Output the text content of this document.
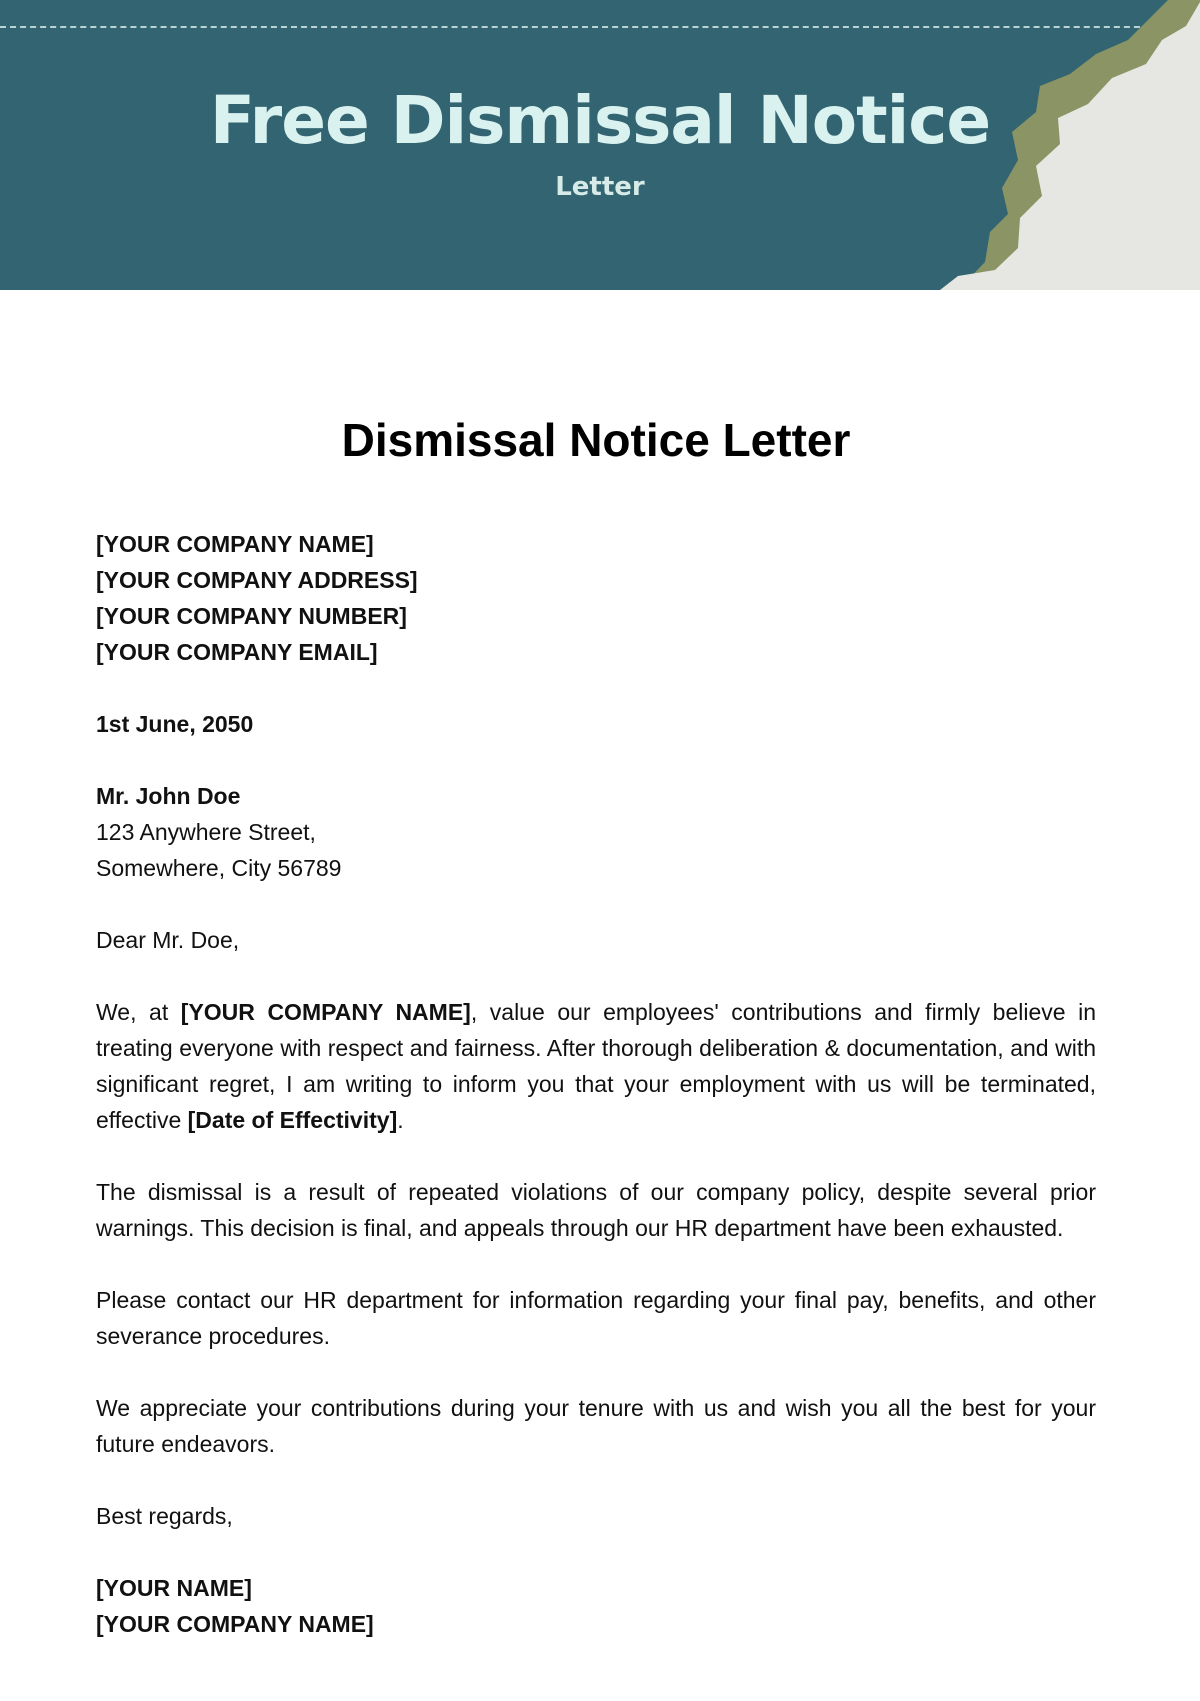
Free Dismissal Notice
Letter
Dismissal Notice Letter
[YOUR COMPANY NAME]
[YOUR COMPANY ADDRESS]
[YOUR COMPANY NUMBER]
[YOUR COMPANY EMAIL]
1st June, 2050
Mr. John Doe
123 Anywhere Street,
Somewhere, City 56789
Dear Mr. Doe,

We, at [YOUR COMPANY NAME], value our employees' contributions and firmly believe in treating everyone with respect and fairness. After thorough deliberation & documentation, and with significant regret, I am writing to inform you that your employment with us will be terminated, effective [Date of Effectivity].

The dismissal is a result of repeated violations of our company policy, despite several prior warnings. This decision is final, and appeals through our HR department have been exhausted.

Please contact our HR department for information regarding your final pay, benefits, and other severance procedures.

We appreciate your contributions during your tenure with us and wish you all the best for your future endeavors.

Best regards,
[YOUR NAME]
[YOUR COMPANY NAME]
